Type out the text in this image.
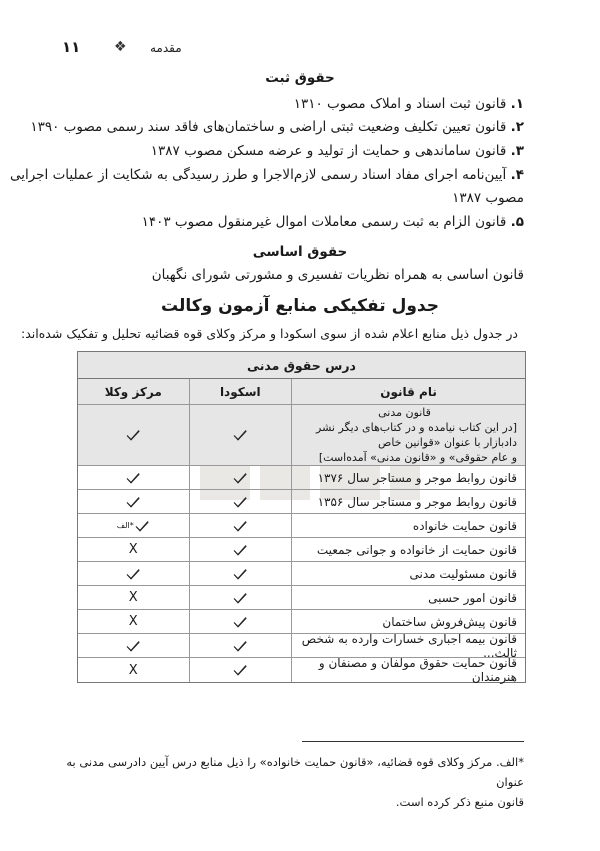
۱۱ ❖ مقدمه
حقوق ثبت
۱. قانون ثبت اسناد و املاک مصوب ۱۳۱۰
۲. قانون تعیین تکلیف وضعیت ثبتی اراضی و ساختمان‌های فاقد سند رسمی مصوب ۱۳۹۰
۳. قانون ساماندهی و حمایت از تولید و عرضه مسکن مصوب ۱۳۸۷
۴. آیین‌نامه اجرای مفاد اسناد رسمی لازم‌الاجرا و طرز رسیدگی به شکایت از عملیات اجرایی
مصوب ۱۳۸۷
۵. قانون الزام به ثبت رسمی معاملات اموال غیرمنقول مصوب ۱۴۰۳
حقوق اساسی
قانون اساسی به همراه نظریات تفسیری و مشورتی شورای نگهبان
جدول تفکیکی منابع آزمون وکالت
در جدول ذیل منابع اعلام شده از سوی اسکودا و مرکز وکلای قوه قضائیه تحلیل و تفکیک شده‌اند:
درس حقوق مدنی
نام قانون
اسکودا
مرکز وکلا
قانون مدنی
[در این کتاب نیامده و در کتاب‌های دیگر نشر دادبازار با عنوان «قوانین خاص
و عام حقوقی» و «قانون مدنی» آمده‌است]
قانون روابط موجر و مستاجر سال ۱۳۷۶
قانون روابط موجر و مستاجر سال ۱۳۵۶
قانون حمایت خانواده
*الف
قانون حمایت از خانواده و جوانی جمعیت
X
قانون مسئولیت مدنی
قانون امور حسبی
X
قانون پیش‌فروش ساختمان
X
قانون بیمه اجباری خسارات وارده به شخص ثالث...
قانون حمایت حقوق مولفان و مصنفان و هنرمندان
X
*الف. مرکز وکلای قوه قضائیه، «قانون حمایت خانواده» را ذیل منابع درس آیین دادرسی مدنی به عنوان
قانون منبع ذکر کرده است.
